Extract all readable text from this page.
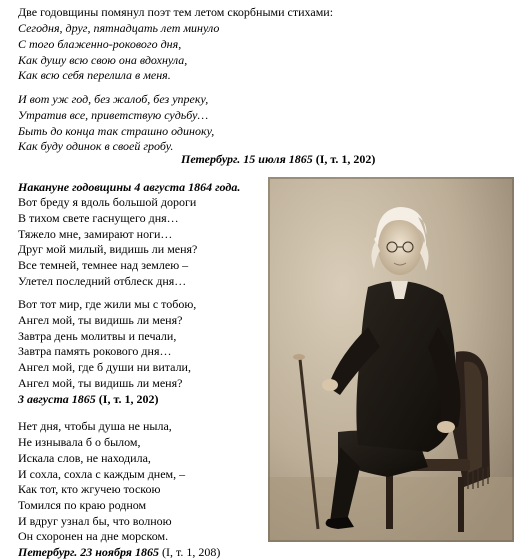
Две годовщины помянул поэт тем летом скорбными стихами:
Сегодня, друг, пятнадцать лет минуло
С того блаженно-рокового дня,
Как душу всю свою она вдохнула,
Как всю себя перелила в меня.
И вот уж год, без жалоб, без упреку,
Утратив все, приветствую судьбу…
Быть до конца так страшно одиноку,
Как буду одинок в своей гробу.
Петербург. 15 июля 1865 (I, т. 1, 202)
Накануне годовщины 4 августа 1864 года.
Вот бреду я вдоль большой дороги
В тихом свете гаснущего дня…
Тяжело мне, замирают ноги…
Друг мой милый, видишь ли меня?
Все темней, темнее над землею –
Улетел последний отблеск дня…
Вот тот мир, где жили мы с тобою,
Ангел мой, ты видишь ли меня?
Завтра день молитвы и печали,
Завтра память рокового дня…
Ангел мой, где б души ни витали,
Ангел мой, ты видишь ли меня?
3 августа 1865 (I, т. 1, 202)
Нет дня, чтобы душа не ныла,
Не изнывала б о былом,
Искала слов, не находила,
И сохла, сохла с каждым днем, –
Как тот, кто жгучею тоскою
Томился по краю родном
И вдруг узнал бы, что волною
Он схоронен на дне морском.
Петербург. 23 ноября 1865 (I, т. 1, 208)
